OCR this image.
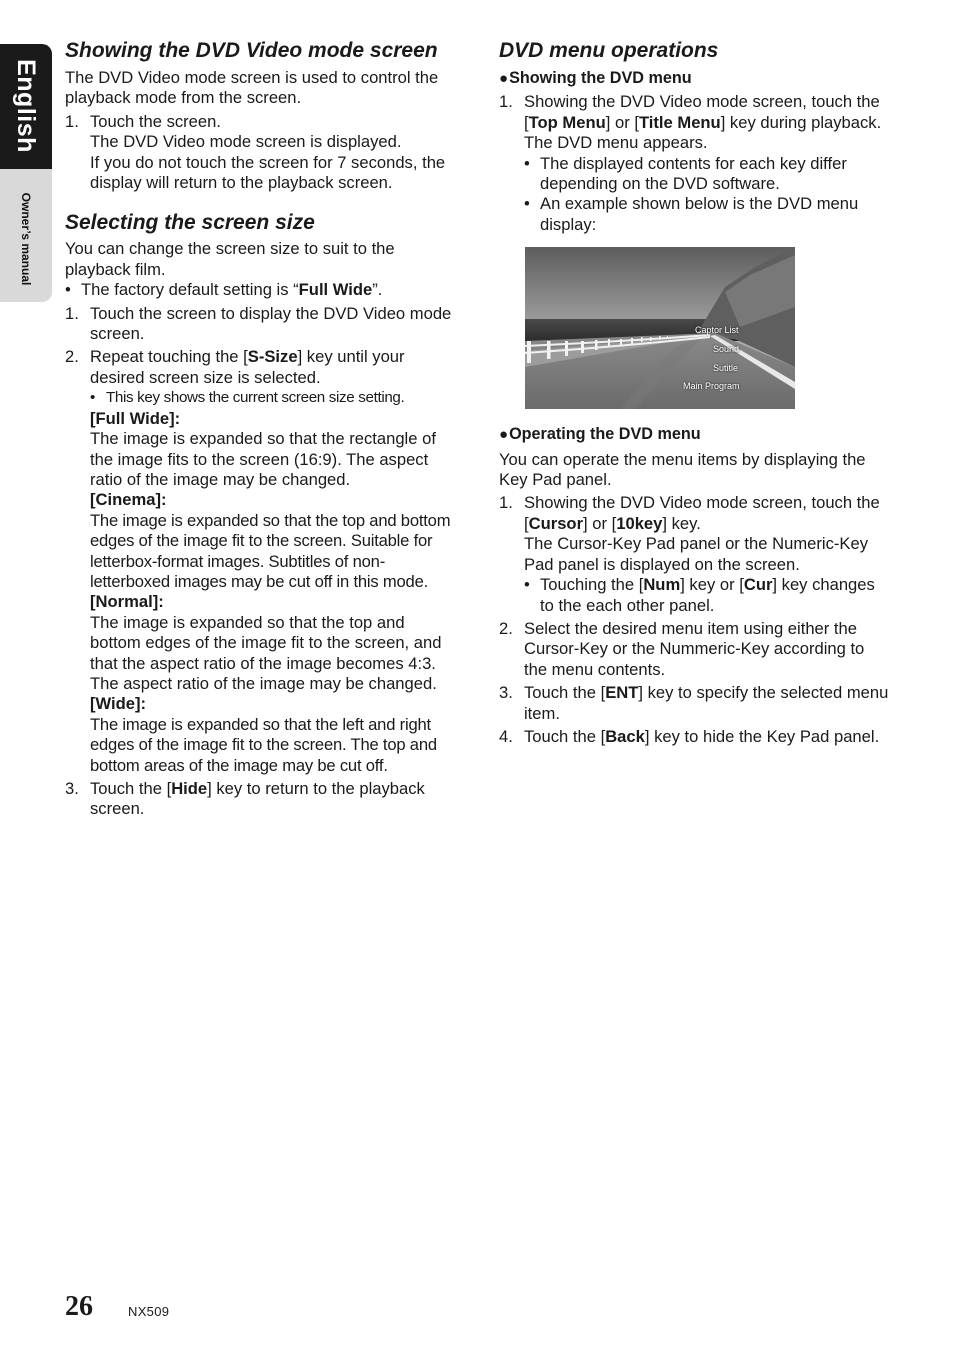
English
Owner’s manual
Showing the DVD Video mode screen

The DVD Video mode screen is used to control the playback mode from the screen.

1. Touch the screen.

The DVD Video mode screen is displayed.

If you do not touch the screen for 7 seconds, the display will return to the playback screen.

Selecting the screen size

You can change the screen size to suit to the playback film.

• The factory default setting is “Full Wide”.
1. Touch the screen to display the DVD Video mode screen.

2. Repeat touching the [S-Size] key until your desired screen size is selected.

• This key shows the current screen size setting.

[Full Wide]:

The image is expanded so that the rectangle of the image fits to the screen (16:9). The aspect ratio of the image may be changed.

[Cinema]:

The image is expanded so that the top and bottom edges of the image fit to the screen. Suitable for letterbox-format images. Subtitles of non-letterboxed images may be cut off in this mode.

[Normal]:

The image is expanded so that the top and bottom edges of the image fit to the screen, and that the aspect ratio of the image becomes 4:3. The aspect ratio of the image may be changed.

[Wide]:

The image is expanded so that the left and right edges of the image fit to the screen. The top and bottom areas of the image may be cut off.

3. Touch the [Hide] key to return to the playback screen.

DVD menu operations

●Showing the DVD menu

1. Showing the DVD Video mode screen, touch the [Top Menu] or [Title Menu] key during playback.

The DVD menu appears.

• The displayed contents for each key differ depending on the DVD software.
• An example shown below is the DVD menu display:
Captor List
Sound
Sutitle
Main Program

●Operating the DVD menu

You can operate the menu items by displaying the Key Pad panel.

1. Showing the DVD Video mode screen, touch the [Cursor] or [10key] key.

The Cursor-Key Pad panel or the Numeric-Key Pad panel is displayed on the screen.

• Touching the [Num] key or [Cur] key changes to the each other panel.
2. Select the desired menu item using either the Cursor-Key or the Nummeric-Key according to the menu contents.

3. Touch the [ENT] key to specify the selected menu item.

4. Touch the [Back] key to hide the Key Pad panel.

26	NX509
